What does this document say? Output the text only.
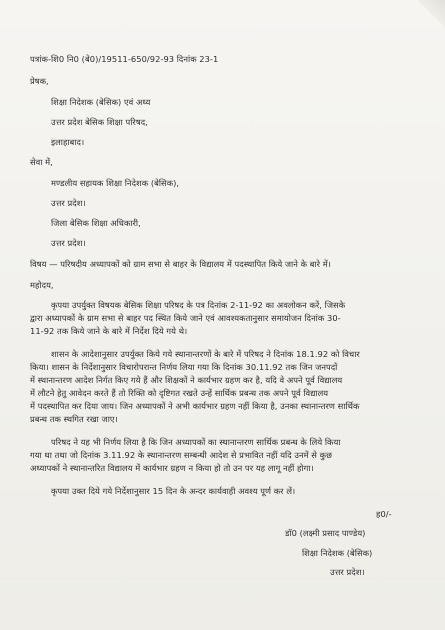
पत्रांक-शि0 नि0 (बे0)/19511-650/92-93 दिनांक 23-1
प्रेषक,
शिक्षा निदेशक (बेसिक) एवं अध्य
उत्तर प्रदेश बेसिक शिक्षा परिषद,
इलाहाबाद।
सेवा में,
मण्डलीय सहायक शिक्षा निदेशक (बेसिक),
उत्तर प्रदेश।
जिला बेसिक शिक्षा अधिकारी,
उत्तर प्रदेश।
विषय — परिषदीय अध्यापकों को ग्राम सभा से बाहर के विद्यालय में पदस्थापित किये जाने के बारे में।
महोदय,
कृपया उपर्युक्त विषयक बेसिक शिक्षा परिषद के पत्र दिनांक 2-11-92 का अवलोकन करें, जिसके
द्वारा अध्यापकों के ग्राम सभा से बाहर पद स्थित किये जाने एवं आवश्यकतानुसार समायोजन दिनांक 30-
11-92 तक किये जाने के बारे में निर्देश दिये गये थे।
शासन के आदेशानुसार उपर्युक्त किये गये स्थानान्तरणों के बारे में परिषद ने दिनांक 18.1.92 को विचार
किया। शासन के निर्देशानुसार विचारोपरान्त निर्णय लिया गया कि दिनांक 30.11.92 तक जिन जनपदों
में स्थानान्तरण आदेश निर्गत किए गये हैं और शिक्षकों ने कार्यभार ग्रहण कर है, यदि वे अपने पूर्व विद्यालय
में लौटने हेतु आवेदन करते हैं तो रिक्ति को दृष्टिगत रखते उन्हें सार्थिक प्रबन्ध तक अपने पूर्व विद्यालय
में पदस्थापित कर दिया जाय। जिन अध्यापकों ने अभी कार्यभार ग्रहण नहीं किया है, उनका स्थानान्तरण सार्थिक
प्रबन्ध तक स्थगित रखा जाए।
परिषद ने यह भी निर्णय लिया है कि जिन अध्यापकों का स्थानान्तरण सार्थिक प्रबन्ध के लिये किया
गया था तथा जो दिनांक 3.11.92 के स्थानान्तरण सम्बन्धी आदेश से प्रभावित नहीं यदि उनमें से कुछ
अध्यापकों ने स्थानान्तरित विद्यालय में कार्यभार ग्रहण न किया हो तो उन पर यह लागू नहीं होगा।
कृपया उक्त दिये गये निर्देशानुसार 15 दिन के अन्दर कार्यवाही अवश्य पूर्ण कर लें।
ह0/-
डॉ0 (लक्ष्मी प्रसाद पाण्डेय)
शिक्षा निदेशक (बेसिक)
उत्तर प्रदेश।
